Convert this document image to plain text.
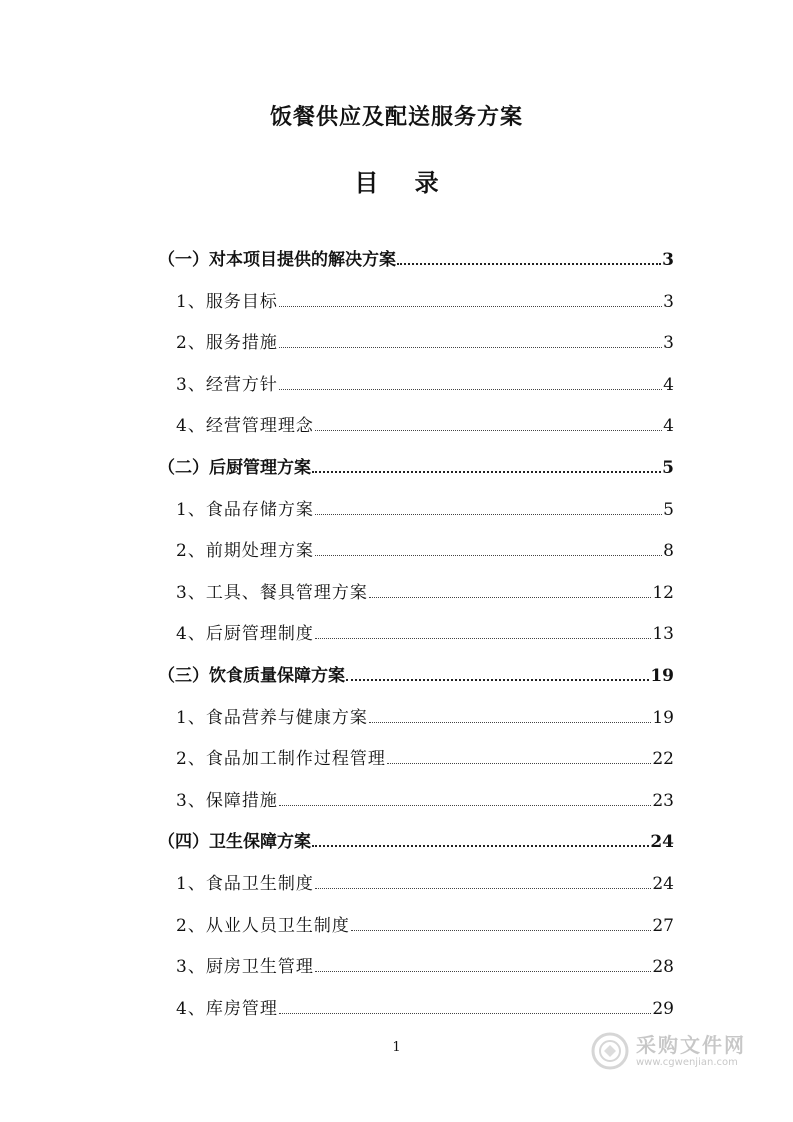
饭餐供应及配送服务方案
目 录
（一）对本项目提供的解决方案	3
1、服务目标	3
2、服务措施	3
3、经营方针	4
4、经营管理理念	4
（二）后厨管理方案	5
1、食品存储方案	5
2、前期处理方案	8
3、工具、餐具管理方案	12
4、后厨管理制度	13
（三）饮食质量保障方案	19
1、食品营养与健康方案	19
2、食品加工制作过程管理	22
3、保障措施	23
（四）卫生保障方案	24
1、食品卫生制度	24
2、从业人员卫生制度	27
3、厨房卫生管理	28
4、库房管理	29
1	采购文件网
www.cgwenjian.com
